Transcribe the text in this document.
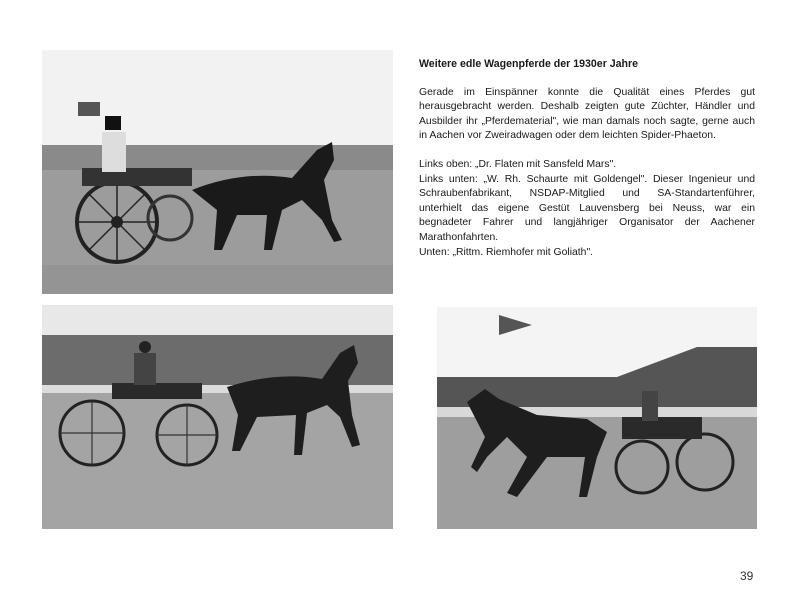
Weitere edle Wagenpferde der 1930er Jahre

Gerade im Einspänner konnte die Qualität eines Pferdes gut herausgebracht werden. Deshalb zeigten gute Züchter, Händler und Ausbilder ihr „Pferdematerial", wie man damals noch sagte, gerne auch in Aachen vor Zweiradwagen oder dem leichten Spider-Phaeton.

Links oben: „Dr. Flaten mit Sansfeld Mars".

Links unten: „W. Rh. Schaurte mit Goldengel". Dieser Ingenieur und Schraubenfabrikant, NSDAP-Mitglied und SA-Standartenführer, unterhielt das eigene Gestüt Lauvensberg bei Neuss, war ein begnadeter Fahrer und langjähriger Organisator der Aachener Marathonfahrten.

Unten: „Rittm. Riemhofer mit Goliath".

39
